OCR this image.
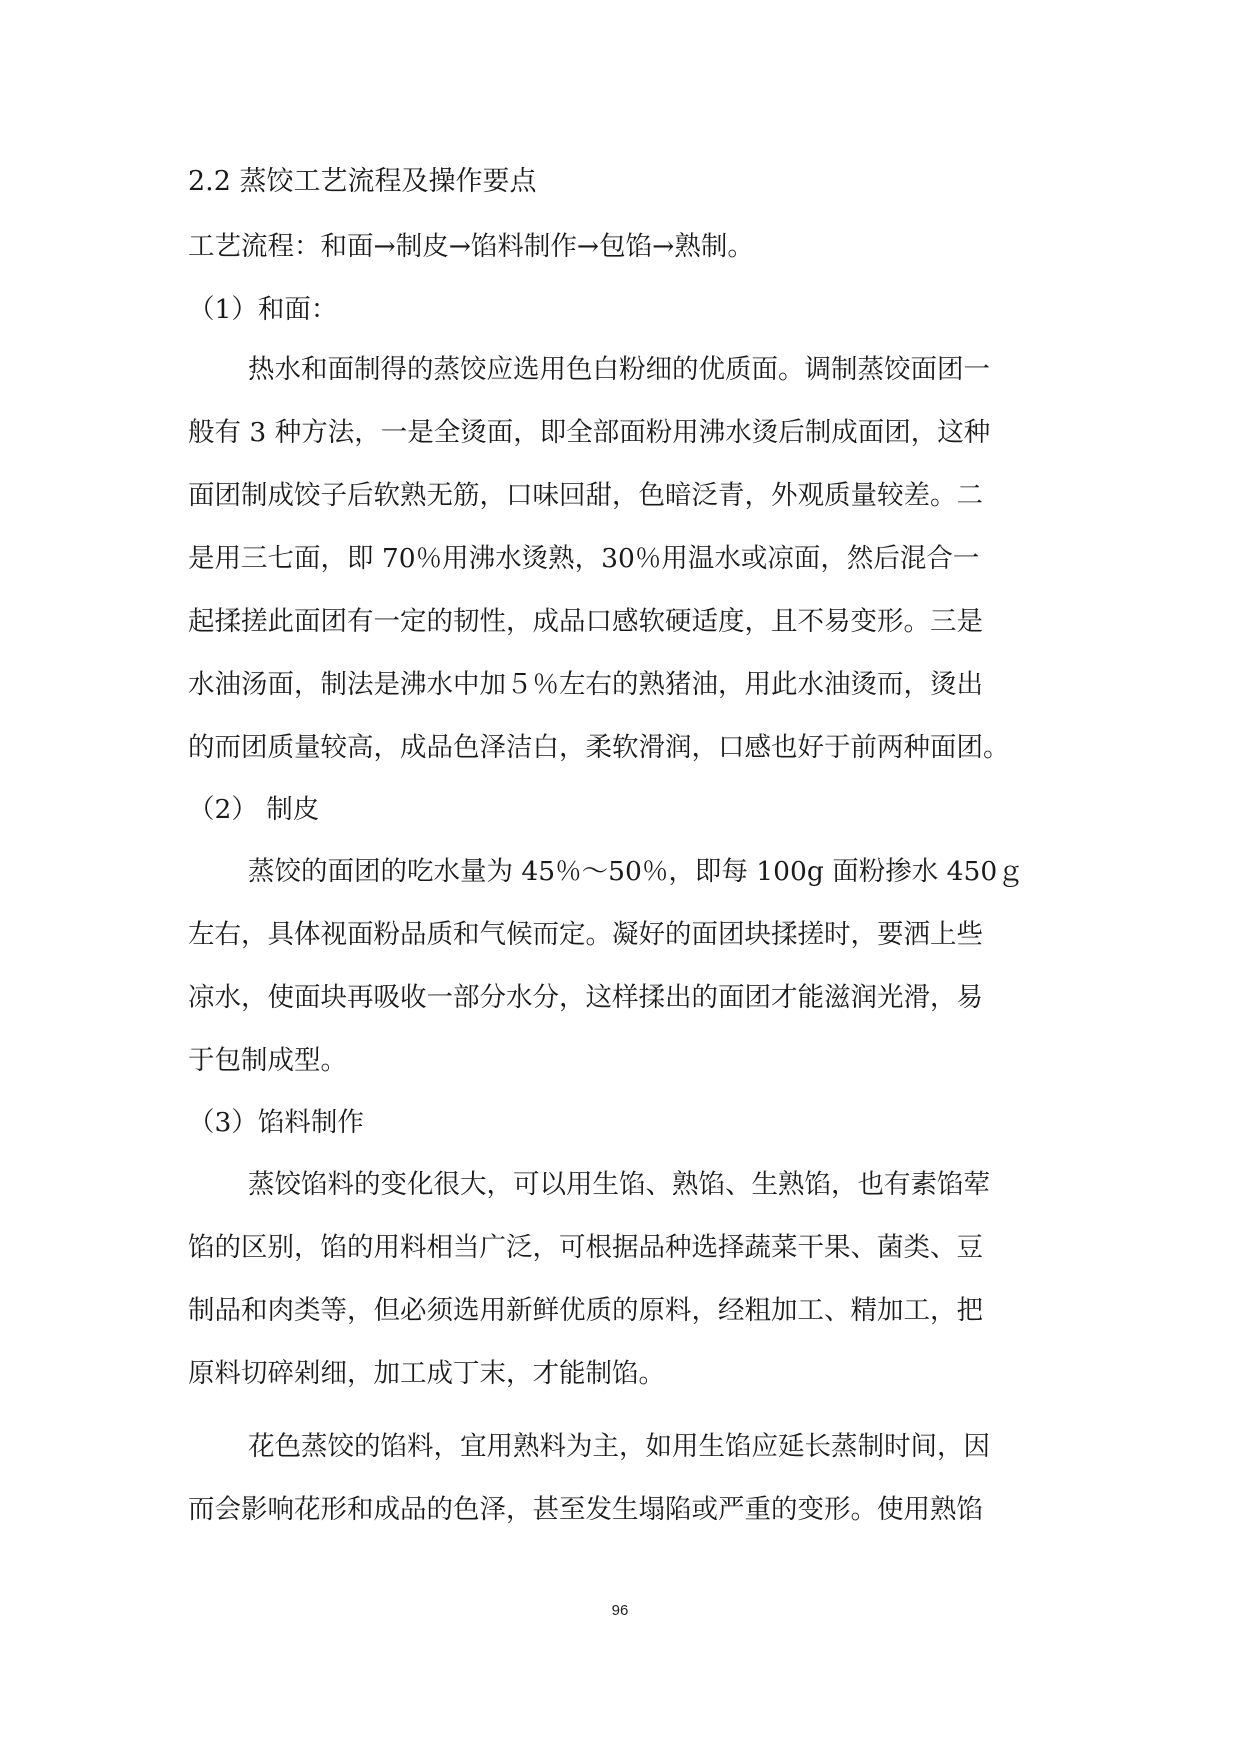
2.2 蒸饺工艺流程及操作要点
工艺流程：和面→制皮→馅料制作→包馅→熟制。
（1）和面：
热水和面制得的蒸饺应选用色白粉细的优质面。调制蒸饺面团一
般有 3 种方法，一是全烫面，即全部面粉用沸水烫后制成面团，这种
面团制成饺子后软熟无筋，口味回甜，色暗泛青，外观质量较差。二
是用三七面，即 70％用沸水烫熟，30％用温水或凉面，然后混合一
起揉搓此面团有一定的韧性，成品口感软硬适度，且不易变形。三是
水油汤面，制法是沸水中加５％左右的熟猪油，用此水油烫而，烫出
的而团质量较高，成品色泽洁白，柔软滑润，口感也好于前两种面团。
（2） 制皮
蒸饺的面团的吃水量为 45％～50％，即每 100g 面粉掺水 450ｇ
左右，具体视面粉品质和气候而定。凝好的面团块揉搓时，要洒上些
凉水，使面块再吸收一部分水分，这样揉出的面团才能滋润光滑，易
于包制成型。
（3）馅料制作
蒸饺馅料的变化很大，可以用生馅、熟馅、生熟馅，也有素馅荤
馅的区别，馅的用料相当广泛，可根据品种选择蔬菜干果、菌类、豆
制品和肉类等，但必须选用新鲜优质的原料，经粗加工、精加工，把
原料切碎剁细，加工成丁末，才能制馅。
花色蒸饺的馅料，宜用熟料为主，如用生馅应延长蒸制时间，因
而会影响花形和成品的色泽，甚至发生塌陷或严重的变形。使用熟馅
96
